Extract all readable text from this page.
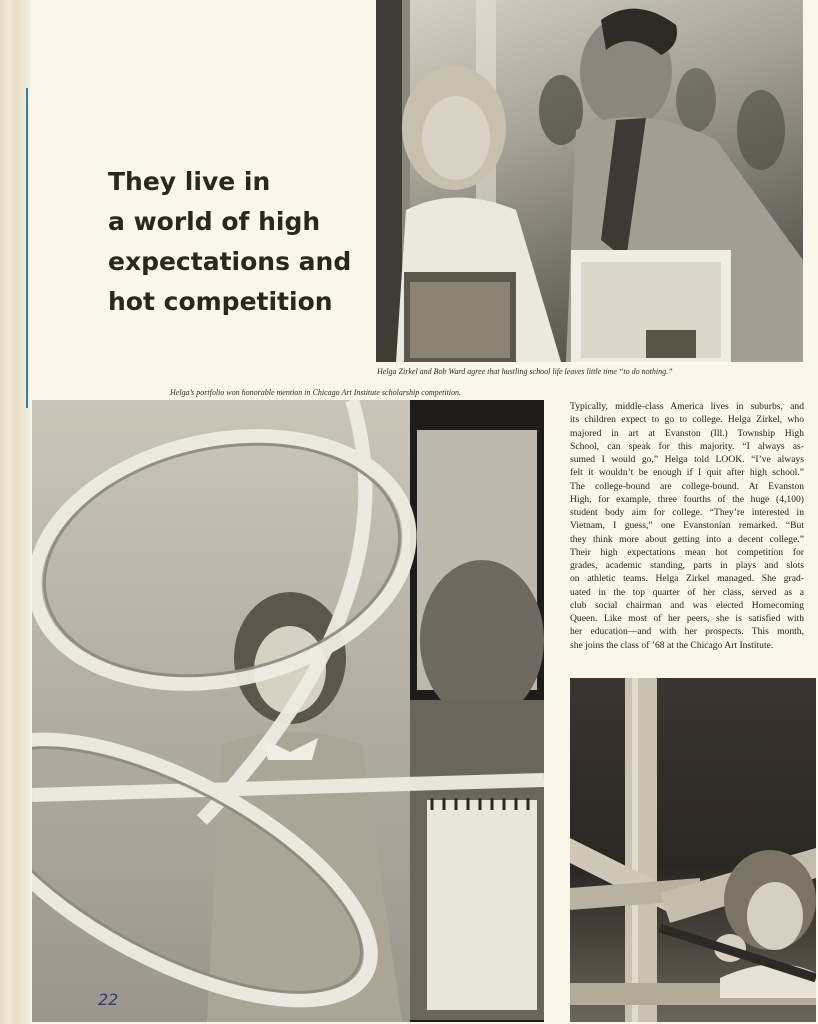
They live in
a world of high
expectations and
hot competition

Helga Zirkel and Bob Ward agree that hustling school life leaves little time “to do nothing.”

Helga’s portfolio won honorable mention in Chicago Art Institute scholarship competition.

22

Typically, middle-class America lives in suburbs, and
its children expect to go to college. Helga Zirkel, who
majored in art at Evanston (Ill.) Township High
School, can speak for this majority. “I always as-
sumed I would go,” Helga told LOOK. “I’ve always
felt it wouldn’t be enough if I quit after high school.”
The college-bound are college-bound. At Evanston
High, for example, three fourths of the huge (4,100)
student body aim for college. “They’re interested in
Vietnam, I guess,” one Evanstonian remarked. “But
they think more about getting into a decent college.”
Their high expectations mean hot competition for
grades, academic standing, parts in plays and slots
on athletic teams. Helga Zirkel managed. She grad-
uated in the top quarter of her class, served as a
club social chairman and was elected Homecoming
Queen. Like most of her peers, she is satisfied with
her education—and with her prospects. This month,
she joins the class of ’68 at the Chicago Art Institute.
